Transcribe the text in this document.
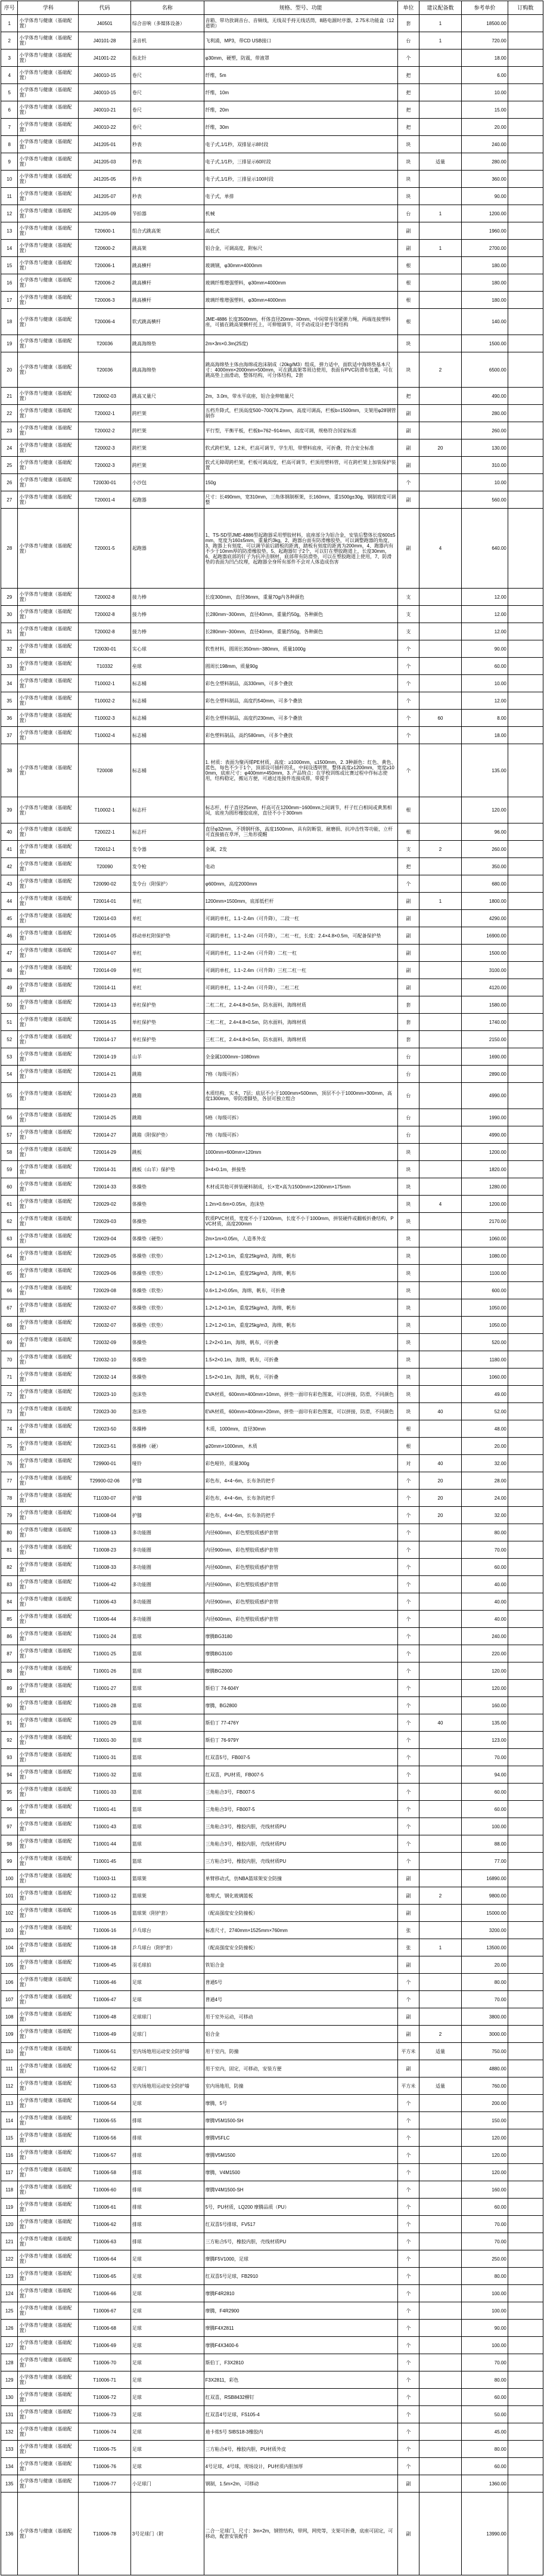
序号	学科	代码	名称	规格、型号、功能	单位	建议配备数	参考单价	订购数
1	小学体育与健康（基础配置）	J40501	综合音响（多媒体设备）	音箱、带功放调音台、音频线，无线双手持无线话筒，8路电源时序器，2.75米功能盒（12道锁）	套	1	18500.00	
2	小学体育与健康（基础配置）	J40101-28	录音机	飞利浦，MP3，带CD USB接口	台	1	720.00	
3	小学体育与健康（基础配置）	J41001-22	指北针	φ30mm，硬塑，防震，带液罩	个		18.00	
4	小学体育与健康（基础配置）	J40010-15	卷尺	纤维，5m	把		6.00	
5	小学体育与健康（基础配置）	J40010-15	卷尺	纤维，10m	把		10.00	
6	小学体育与健康（基础配置）	J40010-21	卷尺	纤维，20m	把		15.00	
7	小学体育与健康（基础配置）	J40010-22	卷尺	纤维，30m	把		20.00	
8	小学体育与健康（基础配置）	J41205-01	秒表	电子式,1/1秒，双排显示8时段	块		240.00	
9	小学体育与健康（基础配置）	J41205-03	秒表	电子式,1/1秒，三排显示60时段	块	适量	280.00	
10	小学体育与健康（基础配置）	J41205-05	秒表	电子式,1/1秒，三排显示100时段	块		360.00	
11	小学体育与健康（基础配置）	J41205-07	秒表	电子式，单排	块		90.00	
12	小学体育与健康（基础配置）	J41205-09	节拍器	机械	台	1	1200.00	
13	小学体育与健康（基础配置）	T20600-1	组合式跳高架	高低式	副		1960.00	
14	小学体育与健康（基础配置）	T20600-2	跳高架	铝合金，可调高度，附标尺	副	1	2700.00	
15	小学体育与健康（基础配置）	T20006-1	跳高横杆	玻璃钢，φ30mm×4000mm	根		180.00	
16	小学体育与健康（基础配置）	T20006-2	跳高横杆	玻璃纤维增强塑料，φ30mm×4000mm	根		180.00	
17	小学体育与健康（基础配置）	T20006-3	跳高横杆	玻璃纤维增强塑料，φ30mm×4000mm	根		180.00	
18	小学体育与健康（基础配置）	T20006-4	软式跳高横杆	JME-4886 长度3500mm，杆体直径20mm~30mm，中间带有拉紧弹力绳，两端连接塑料座，可插在跳高架横杆托上，可伸缩调节，可手动或设计把手等结构	根		140.00	
19	小学体育与健康（基础配置）	T20036	跳高海绵垫	2m×3m×0.3m(25度)	块		1500.00	
20	小学体育与健康（基础配置）	T20036	跳高海绵垫	跳高海绵垫主体由海绵或泡沫制成（20kg/M3）组成，弹力适中，面软适中海绵垫基本尺寸：4000mm×2000mm×500mm，可在跳高架等周边使用，表面有PVC防滑布包裹，可在跳高垫上面滑动，整体结构，可分体结构，2套	块	2	6500.00	
21	小学体育与健康（基础配置）	T20002-03	跳高叉量尺	2m，3.0m，带水平底座，铝合金伸缩量尺	把		490.00	
22	小学体育与健康（基础配置）	T20002-1	跨栏架	五档升降式，栏顶高度500~700(76.2)mm，高度可调高，栏板b=1500mm，支架用φ28钢管制作	副		280.00	
23	小学体育与健康（基础配置）	T20002-2	跨栏架	平行型，平衡平板，栏板b=762~914mm，高度可调，规格符合国家标准	副		260.00	
24	小学体育与健康（基础配置）	T20002-3	跨栏架	软式跨栏架，1.2米，栏高可调节，学生用，带塑料底座，可折叠，符合安全标准	副	20	130.00	
25	小学体育与健康（基础配置）	T20002-3	跨栏架	软式无障碍跨栏架，栏板可调高度，栏高可调节，栏顶用塑料管，可在跨栏架上加装保护装置	副		310.00	
26	小学体育与健康（基础配置）	T20030-01	小沙包	150g	个		10.00	
27	小学体育与健康（基础配置）	T20001-4	起跑器	尺寸：长490mm，宽310mm，三角体钢制框架，长160mm，重1500g±30g，钢制坡度可调整	副		560.00	
28	小学体育与健康（基础配置）	T20001-5	起跑器	1、TS-SD型JME-4886型起跑器采用塑胶材料，底座部分为铝合金，安装后整体长度600±5mm，宽度为160±5mm，重量约3kg，2、跑器台面有防滑橡胶垫，可以调整跑器的角度，3、跑器上有刻度，可以调节前后踏板的距离，踏板有刻度的距离为200mm，4、跑器内有不少于10mm厚的防滑橡胶垫，5、起跑器钉子2个，可以钉在塑胶跑道上，长度30mm，6、起跑器底部的钉子为抗冲击钢材，底部带有防滑垫，可以在塑胶跑道上使用，7、防滑垫的表面为凹凸纹理，起跑器全身所有部件不会对人体造成伤害	副	4	640.00	
29	小学体育与健康（基础配置）	T20002-8	接力棒	长度300mm，直径36mm，重量70g内各种颜色	支		12.00	
30	小学体育与健康（基础配置）	T20002-8	接力棒	长280mm~300mm，直径40mm，重量约50g，各种颜色	支		12.00	
31	小学体育与健康（基础配置）	T20002-8	接力棒	长280mm~300mm，直径40mm，重量约50g，各种颜色	支		12.00	
32	小学体育与健康（基础配置）	T20030-01	实心球	软性材料，圆周长350mm~380mm，质量1000g	个		90.00	
33	小学体育与健康（基础配置）	T10332	垒球	圆周长198mm，质量90g	个		60.00	
34	小学体育与健康（基础配置）	T10002-1	标志桶	彩色全塑料制品，高330mm，可多个叠放	个		10.00	
35	小学体育与健康（基础配置）	T10002-2	标志桶	彩色全塑料制品，高度约540mm，可多个叠放	个		12.00	
36	小学体育与健康（基础配置）	T10002-3	标志桶	彩色全塑料制品，高度约230mm，可多个叠放	个	60	8.00	
37	小学体育与健康（基础配置）	T10002-4	标志桶	彩色塑料制品，高约580mm，可多个叠放	个		18.00	
38	小学体育与健康（基础配置）	T20008	标志桶	1. 材质：表面为聚丙烯PE材质，高度：≥1000mm，≤1500mm，2. 3种颜色：红色、黄色、蓝色，每色不少于1个，顶部设可插杆的孔，中间设透明管，整体高度≥1200mm，宽度≥100mm，底座尺寸：φ400mm×450mm，3. 产品特点：在学校训练或比赛过程中作标志使用，结构稳定，搬运方便，可通过连接件连接成排，带提手	个		135.00	
39	小学体育与健康（基础配置）	T10002-1	标志杆	标志杆，杆子直径25mm，杆高可在1200mm~1600mm之间调节，杆子红白相间或黄黑相间，底座为圆形橡胶底座，直径不小于300mm	根		120.00	
40	小学体育与健康（基础配置）	T20022-1	标志杆	直径φ32mm，不锈钢杆体，高度1500mm，具有防断裂、耐磨损、抗冲击性等功能，立杆可直接插在草坪，三角形提醒	根		96.00	
41	小学体育与健康（基础配置）	T20012-1	发令器	金属，2发	支	2	260.00	
42	小学体育与健康（基础配置）	T20090	发令枪	电动	把		350.00	
43	小学体育与健康（基础配置）	T20090-02	发令台（附保护）	φ600mm，高度2000mm	个		680.00	
44	小学体育与健康（基础配置）	T20014-01	单杠	1200mm×1500mm，底部低栏杆	副	1	1800.00	
45	小学体育与健康（基础配置）	T20014-03	单杠	可调的单杠，1.1~2.4m（可升降），二段一杠	副		4290.00	
46	小学体育与健康（基础配置）	T20014-05	移动单杠附保护垫	可调的单杠，1.1~2.4m（可升降），二杠一杠，长度：2.4×4.8×0.5m，可配备保护垫	副		16900.00	
47	小学体育与健康（基础配置）	T20014-07	单杠	可调的单杠，1.1~2.4m（可升降）二杠一杠	副		1500.00	
48	小学体育与健康（基础配置）	T20014-09	单杠	可调的单杠，1.1~2.4m（可升降）三杠二杠一杠	副		3100.00	
49	小学体育与健康（基础配置）	T20014-11	单杠	可调的单杠，1.1~2.4m（可升降），二杠二杠	副		4120.00	
50	小学体育与健康（基础配置）	T20014-13	单杠保护垫	二杠二杠，2.4×4.8×0.5m，防水面料，海绵材质	套		1580.00	
51	小学体育与健康（基础配置）	T20014-15	单杠保护垫	二杠二杠，2.4×4.8×0.5m，防水面料，海绵材质	套		1740.00	
52	小学体育与健康（基础配置）	T20014-17	单杠保护垫	三杠二杠，2.4×4.8×0.5m，防水面料，海绵材质	套		2150.00	
53	小学体育与健康（基础配置）	T20014-19	山羊	全金属1000mm~1080mm	台		1690.00	
54	小学体育与健康（基础配置）	T20014-21	跳箱	7格（每级可拆）	台		2890.00	
55	小学体育与健康（基础配置）	T20014-23	跳箱	木质结构，实木，7层；底层不小于1000mm×500mm，顶层不小于1000mm×300mm，高度1300mm，带防滑脚垫，各层可独立组合	台		4990.00	
56	小学体育与健康（基础配置）	T20014-25	跳箱	5格（每级可拆）	台		1990.00	
57	小学体育与健康（基础配置）	T20014-27	跳箱（附保护垫）	7格（每级可拆）	台		4990.00	
58	小学体育与健康（基础配置）	T20014-29	跳板	1000mm×600mm×120mm	块		1200.00	
59	小学体育与健康（基础配置）	T20014-31	跳板（山羊）保护垫	3×4×0.1m，拼接垫	块		1820.00	
60	小学体育与健康（基础配置）	T20014-33	体操垫	木材或其他可拼装硬料制成，长×宽×高为1500mm×1200mm×175mm	块		1280.00	
61	小学体育与健康（基础配置）	T20029-02	体操垫	1.2m×0.6m×0.05m，泡沫垫	块	4	1200.00	
62	小学体育与健康（基础配置）	T20029-03	体操垫	软质PVC材质，宽度不小于1200mm，长度不小于1000mm，拼装硬件或翻板折叠结构，PVC材质，高度200mm	块		2170.00	
63	小学体育与健康（基础配置）	T20029-04	体操垫（硬垫）	2m×1m×0.05m，人造革外皮	块		1060.00	
64	小学体育与健康（基础配置）	T20029-05	体操垫（软垫）	1.2×1.2×0.1m，重度25kg/m3，海绵，帆布	块		1080.00	
65	小学体育与健康（基础配置）	T20029-06	体操垫（软垫）	1.2×1.2×0.1m，重度25kg/m3，海绵，帆布	块		1100.00	
66	小学体育与健康（基础配置）	T20029-08	体操垫（软垫）	0.6×1.2×0.05m，海绵，帆布，可折叠	块		600.00	
67	小学体育与健康（基础配置）	T20032-07	体操垫（软垫）	1.2×1.2×0.1m，重度25kg/m3，海绵，帆布	块		1050.00	
68	小学体育与健康（基础配置）	T20032-07	体操垫（软垫）	1.2×1.2×0.1m，重度25kg/m3，海绵，帆布	块		1050.00	
69	小学体育与健康（基础配置）	T20032-09	体操垫	1.2×2×0.1m，海绵，帆布，可折叠	块		520.00	
70	小学体育与健康（基础配置）	T20032-10	体操垫	1.5×2×0.1m，海绵，帆布，可折叠	块		1180.00	
71	小学体育与健康（基础配置）	T20032-14	体操垫	1.5×2×0.1m，海绵，帆布，可折叠	块		1060.00	
72	小学体育与健康（基础配置）	T20023-10	泡沫垫	EVA材质，600mm×400mm×10mm，拼垫一面印有彩色图案，可以拼接，防滑，不同颜色	块		49.00	
73	小学体育与健康（基础配置）	T20023-30	泡沫垫	EVA材质，600mm×400mm×20mm，拼垫一面印有彩色图案，可以拼接，防滑，不同颜色	块	40	52.00	
74	小学体育与健康（基础配置）	T20023-50	体操棒	木质，1000mm，直径30mm	根		48.00	
75	小学体育与健康（基础配置）	T20023-51	体操棒（硬）	φ20mm×1000mm，木质	根		20.00	
76	小学体育与健康（基础配置）	T29900-01	哑铃	彩色哑铃，质量300g	对	40	32.00	
77	小学体育与健康（基础配置）	T29900-02-06	护膝	彩色布，4×4~6m，长布条的把手	个	20	28.00	
78	小学体育与健康（基础配置）	T11030-07	护膝	彩色布，4×4~6m，长布条的把手	个	20	24.00	
79	小学体育与健康（基础配置）	T10008-04	护膝	彩色布，4×4~6m，长布条的把手	个	20	32.00	
80	小学体育与健康（基础配置）	T10008-13	多功能圈	内径600mm，彩色塑胶质感护套管	个		80.00	
81	小学体育与健康（基础配置）	T10008-23	多功能圈	内径900mm，彩色塑胶质感护套管	个		70.00	
82	小学体育与健康（基础配置）	T10008-33	多功能圈	内径600mm，彩色塑胶质感护套管	个		60.00	
83	小学体育与健康（基础配置）	T10006-42	多功能圈	内径600mm，彩色塑胶质感护套管	个		40.00	
84	小学体育与健康（基础配置）	T10006-43	多功能圈	内径900mm，彩色塑胶质感护套管	个		40.00	
85	小学体育与健康（基础配置）	T10006-44	多功能圈	内径600mm，彩色塑胶质感护套管	个		40.00	
86	小学体育与健康（基础配置）	T10001-24	篮球	摩腾BG3180	个		240.00	
87	小学体育与健康（基础配置）	T10001-25	篮球	摩腾BG3100	个		220.00	
88	小学体育与健康（基础配置）	T10001-26	篮球	摩腾BG2000	个		120.00	
89	小学体育与健康（基础配置）	T10001-27	篮球	斯伯丁 74-604Y	个		120.00	
90	小学体育与健康（基础配置）	T10001-28	篮球	摩腾，BG2800	个		160.00	
91	小学体育与健康（基础配置）	T10001-29	篮球	斯伯丁 77-476Y	个	40	135.00	
92	小学体育与健康（基础配置）	T10001-30	篮球	斯伯丁 76-979Y	个		123.00	
93	小学体育与健康（基础配置）	T10001-31	篮球	红双喜5号，FB007-5	个		70.00	
94	小学体育与健康（基础配置）	T10001-32	篮球	红双喜，PU材质，FB007-5	个		94.00	
95	小学体育与健康（基础配置）	T10001-33	篮球	三角粘合3号，FB007-5	个		60.00	
96	小学体育与健康（基础配置）	T10001-41	篮球	三角粘合3号，FB007-5	个		60.00	
97	小学体育与健康（基础配置）	T10001-43	篮球	三角粘合3号，橡胶内胆，壳线材质PU	个		100.00	
98	小学体育与健康（基础配置）	T10001-44	篮球	三角粘合3号，橡胶内胆，壳线材质PU	个		88.00	
99	小学体育与健康（基础配置）	T10001-45	篮球	三方粘合3号，橡胶内胆，壳线材质PU	个		77.00	
100	小学体育与健康（基础配置）	T10003-11	篮球架	单臂移动式，仿NBA篮球架安全防撞	副		16890.00	
101	小学体育与健康（基础配置）	T10003-12	篮球架	地埋式，钢化玻璃篮板	副	2	9800.00	
102	小学体育与健康（基础配置）	T10006-16	篮球架（附护套）	（配高强度安全防撞板）	副		15000.00	
103	小学体育与健康（基础配置）	T10006-16	乒乓球台	标准尺寸，2740mm×1525mm×760mm	张		3200.00	
104	小学体育与健康（基础配置）	T10006-18	乒乓球台（附护套）	（配高强度安全防撞板）	张	1	13500.00	
105	小学体育与健康（基础配置）	T10006-45	羽毛球拍	铁铝合金	副		20.00	
106	小学体育与健康（基础配置）	T10006-46	足球	普通5号	个		80.00	
107	小学体育与健康（基础配置）	T10006-47	足球	普通4号	个		70.00	
108	小学体育与健康（基础配置）	T10006-48	足球球门	用于室外运动，可移动	副		3800.00	
109	小学体育与健康（基础配置）	T10006-49	足球门	铝合金	副	2	3000.00	
110	小学体育与健康（基础配置）	T10006-51	室内场地用运动安全防护墙	用于室内，防撞	平方米	适量	750.00	
111	小学体育与健康（基础配置）	T10006-52	足球门	用于室内，固定，可移动，安装方便	副		4880.00	
112	小学体育与健康（基础配置）	T10006-53	室内场地用运动安全防护墙	室内场地用，防撞	平方米	适量	760.00	
113	小学体育与健康（基础配置）	T10006-54	足球	摩腾，5号	个		200.00	
114	小学体育与健康（基础配置）	T10006-55	排球	摩腾V5M1500-SH	个		150.00	
115	小学体育与健康（基础配置）	T10006-56	排球	摩腾V5FLC	个		120.00	
116	小学体育与健康（基础配置）	T10006-57	排球	摩腾V5M1500	个		120.00	
117	小学体育与健康（基础配置）	T10006-58	排球	摩腾，V4M1500	个		120.00	
118	小学体育与健康（基础配置）	T10006-60	排球	摩腾V4M1500-SH	个		160.00	
119	小学体育与健康（基础配置）	T10006-61	排球	5号，PU材质，LQ200 摩腾品质（PU）	个		60.00	
120	小学体育与健康（基础配置）	T10006-62	排球	红双喜5号排球，FV517	个		70.00	
121	小学体育与健康（基础配置）	T10006-63	排球	三方粘合5号，橡胶内胆，壳线材质PU	个		70.00	
122	小学体育与健康（基础配置）	T10006-64	足球	摩腾F5V1000，足球	个		250.00	
123	小学体育与健康（基础配置）	T10006-65	足球	红双喜5号足球，FB2910	个		80.00	
124	小学体育与健康（基础配置）	T10006-66	足球	摩腾F4R2810	个		100.00	
125	小学体育与健康（基础配置）	T10006-67	足球	摩腾，F4R2900	个		100.00	
126	小学体育与健康（基础配置）	T10006-68	足球	摩腾F4X2811	个		90.00	
127	小学体育与健康（基础配置）	T10006-69	足球	摩腾F4X3400-6	个		100.00	
128	小学体育与健康（基础配置）	T10006-70	足球	斯伯丁，F3X2810	个		70.00	
129	小学体育与健康（基础配置）	T10006-71	足球	F3X2811，彩色	个		80.00	
130	小学体育与健康（基础配置）	T10006-72	足球	红双喜，RSB8432柳钉	个		60.00	
131	小学体育与健康（基础配置）	T10006-73	足球	红双喜4号足球，FS105-4	个		50.00	
132	小学体育与健康（基础配置）	T10006-74	足球	迪卡侬5号 SIBS18-3橡胶内	个		45.00	
133	小学体育与健康（基础配置）	T10006-75	足球	三方粘合4号，橡胶内胆，PU材质外皮	个		80.00	
134	小学体育与健康（基础配置）	T10006-76	足球	4号足球，4号球，现场设计，PU材质内胆加厚	个		60.00	
135	小学体育与健康（基础配置）	T10006-77	小足球门	钢制，1.5m×2m，可移动	副		1360.00	
136	小学体育与健康（基础配置）	T10006-78	3号足球门（附	二合一足球门，尺寸：3m×2m，钢管结构，带网，网兜等，支架可折叠，底座可固定，可移动，配套安装配件	副		13990.00	
